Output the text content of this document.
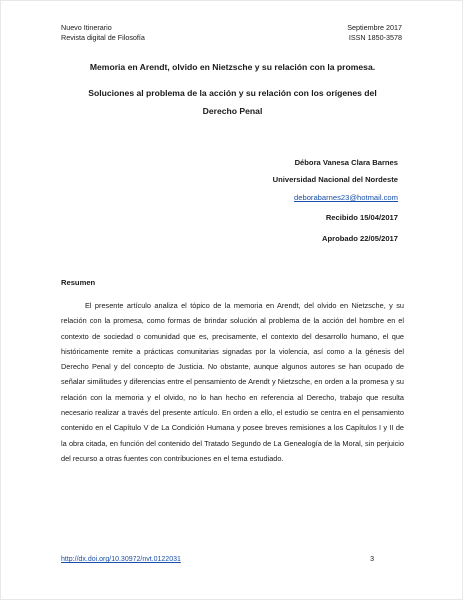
Nuevo Itinerario
Revista digital de Filosofía
Septiembre 2017
ISSN 1850-3578
Memoria en Arendt, olvido en Nietzsche y su relación con la promesa.
Soluciones al problema de la acción y su relación con los orígenes del
Derecho Penal
Débora Vanesa Clara Barnes
Universidad Nacional del Nordeste
deborabarnes23@hotmail.com
Recibido 15/04/2017
Aprobado 22/05/2017
Resumen

El presente artículo analiza el tópico de la memoria en Arendt, del olvido en Nietzsche, y su relación con la promesa, como formas de brindar solución al problema de la acción del hombre en el contexto de sociedad o comunidad que es, precisamente, el contexto del desarrollo humano, el que históricamente remite a prácticas comunitarias signadas por la violencia, así como a la génesis del Derecho Penal y del concepto de Justicia. No obstante, aunque algunos autores se han ocupado de señalar similitudes y diferencias entre el pensamiento de Arendt y Nietzsche, en orden a la promesa y su relación con la memoria y el olvido, no lo han hecho en referencia al Derecho, trabajo que resulta necesario realizar a través del presente artículo. En orden a ello, el estudio se centra en el pensamiento contenido en el Capítulo V de La Condición Humana y posee breves remisiones a los Capítulos I y II de la obra citada, en función del contenido del Tratado Segundo de La Genealogía de la Moral, sin perjuicio del recurso a otras fuentes con contribuciones en el tema estudiado.

http://dx.doi.org/10.30972/nvt.0122031	3
